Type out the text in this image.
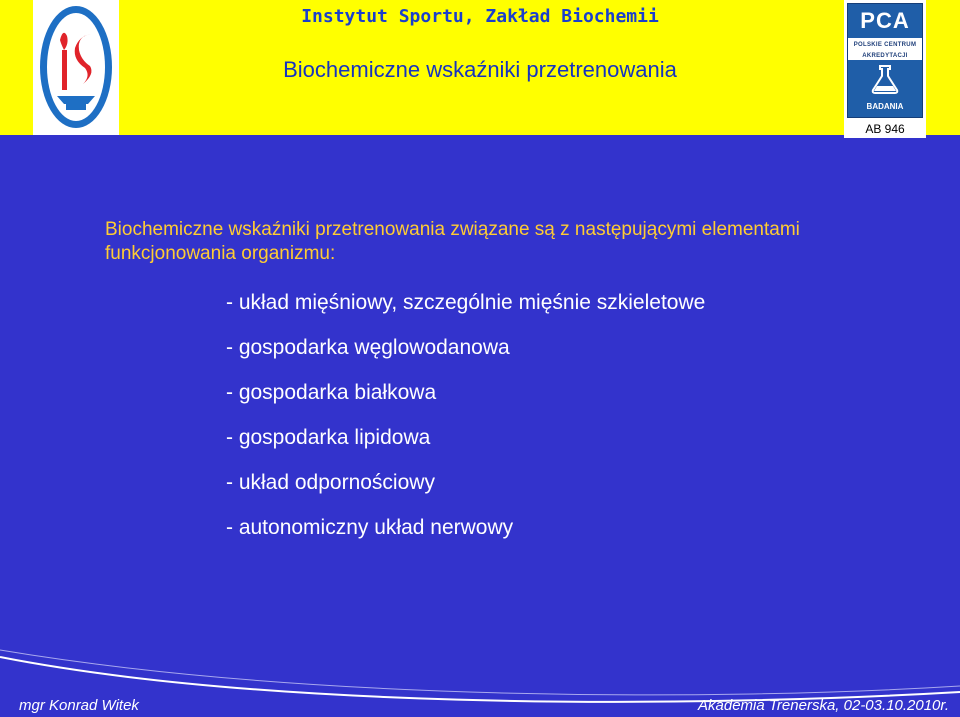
Instytut Sportu, Zakład Biochemii
Biochemiczne wskaźniki przetrenowania
PCA
POLSKIE CENTRUM
AKREDYTACJI
BADANIA
AB 946
Biochemiczne wskaźniki przetrenowania związane są z następującymi elementami funkcjonowania organizmu:
- układ mięśniowy, szczególnie mięśnie szkieletowe
- gospodarka węglowodanowa
- gospodarka białkowa
- gospodarka lipidowa
- układ odpornościowy
- autonomiczny układ nerwowy
mgr Konrad Witek	Akademia Trenerska, 02-03.10.2010r.
